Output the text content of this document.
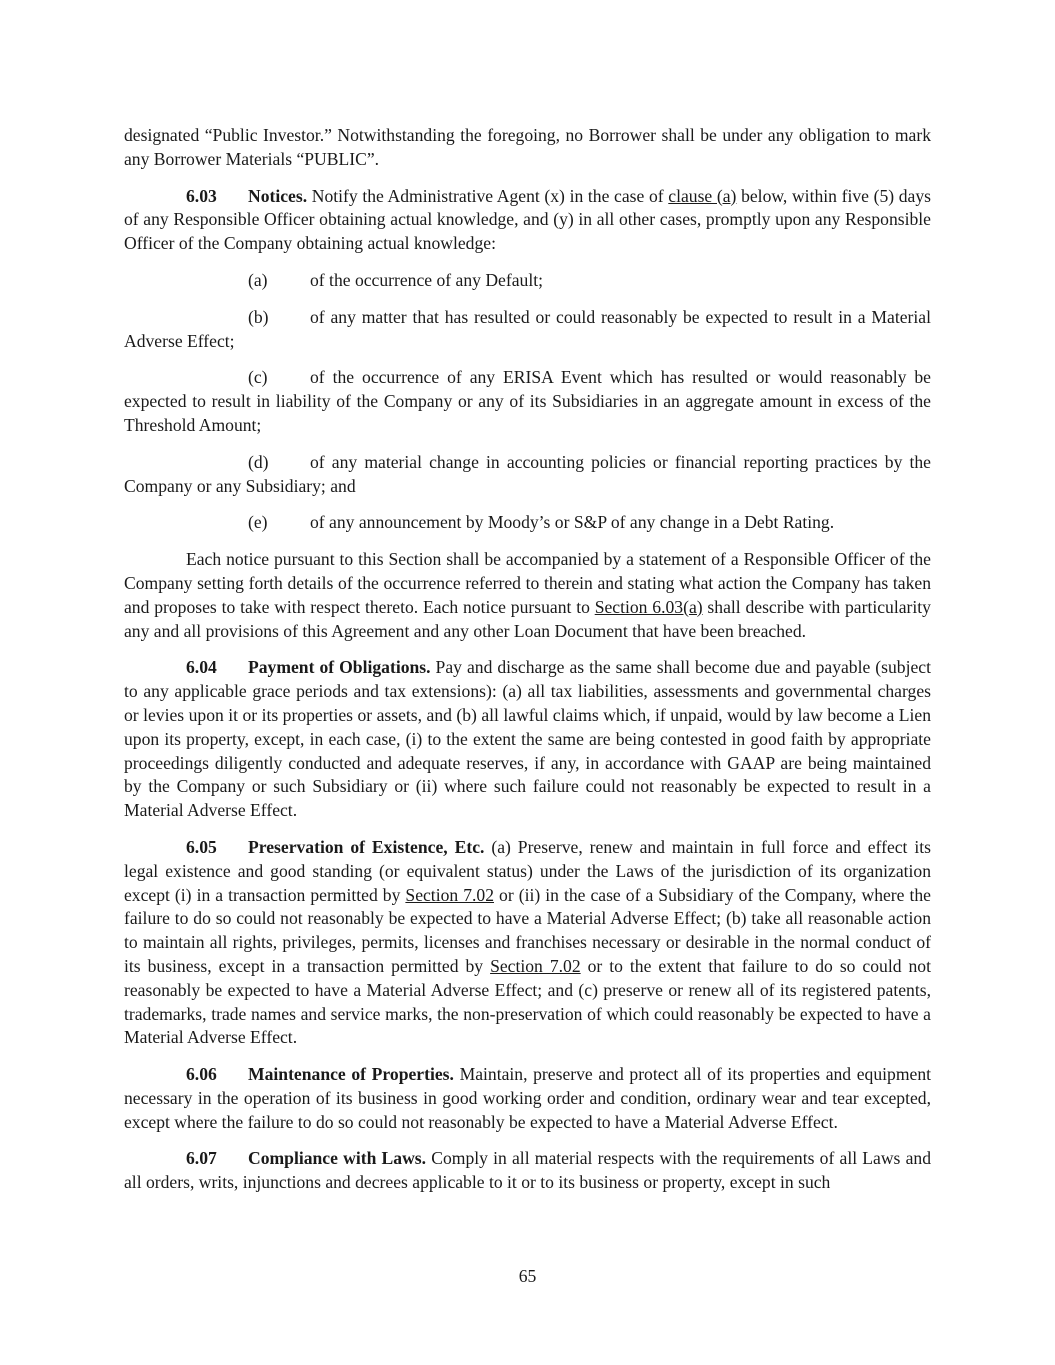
designated “Public Investor.” Notwithstanding the foregoing, no Borrower shall be under any obligation to mark any Borrower Materials “PUBLIC”.

6.03 Notices. Notify the Administrative Agent (x) in the case of clause (a) below, within five (5) days of any Responsible Officer obtaining actual knowledge, and (y) in all other cases, promptly upon any Responsible Officer of the Company obtaining actual knowledge:

(a) of the occurrence of any Default;

(b) of any matter that has resulted or could reasonably be expected to result in a Material Adverse Effect;

(c) of the occurrence of any ERISA Event which has resulted or would reasonably be expected to result in liability of the Company or any of its Subsidiaries in an aggregate amount in excess of the Threshold Amount;

(d) of any material change in accounting policies or financial reporting practices by the Company or any Subsidiary; and

(e) of any announcement by Moody’s or S&P of any change in a Debt Rating.

Each notice pursuant to this Section shall be accompanied by a statement of a Responsible Officer of the Company setting forth details of the occurrence referred to therein and stating what action the Company has taken and proposes to take with respect thereto. Each notice pursuant to Section 6.03(a) shall describe with particularity any and all provisions of this Agreement and any other Loan Document that have been breached.

6.04 Payment of Obligations. Pay and discharge as the same shall become due and payable (subject to any applicable grace periods and tax extensions): (a) all tax liabilities, assessments and governmental charges or levies upon it or its properties or assets, and (b) all lawful claims which, if unpaid, would by law become a Lien upon its property, except, in each case, (i) to the extent the same are being contested in good faith by appropriate proceedings diligently conducted and adequate reserves, if any, in accordance with GAAP are being maintained by the Company or such Subsidiary or (ii) where such failure could not reasonably be expected to result in a Material Adverse Effect.

6.05 Preservation of Existence, Etc. (a) Preserve, renew and maintain in full force and effect its legal existence and good standing (or equivalent status) under the Laws of the jurisdiction of its organization except (i) in a transaction permitted by Section 7.02 or (ii) in the case of a Subsidiary of the Company, where the failure to do so could not reasonably be expected to have a Material Adverse Effect; (b) take all reasonable action to maintain all rights, privileges, permits, licenses and franchises necessary or desirable in the normal conduct of its business, except in a transaction permitted by Section 7.02 or to the extent that failure to do so could not reasonably be expected to have a Material Adverse Effect; and (c) preserve or renew all of its registered patents, trademarks, trade names and service marks, the non-preservation of which could reasonably be expected to have a Material Adverse Effect.

6.06 Maintenance of Properties. Maintain, preserve and protect all of its properties and equipment necessary in the operation of its business in good working order and condition, ordinary wear and tear excepted, except where the failure to do so could not reasonably be expected to have a Material Adverse Effect.

6.07 Compliance with Laws. Comply in all material respects with the requirements of all Laws and all orders, writs, injunctions and decrees applicable to it or to its business or property, except in such

65
